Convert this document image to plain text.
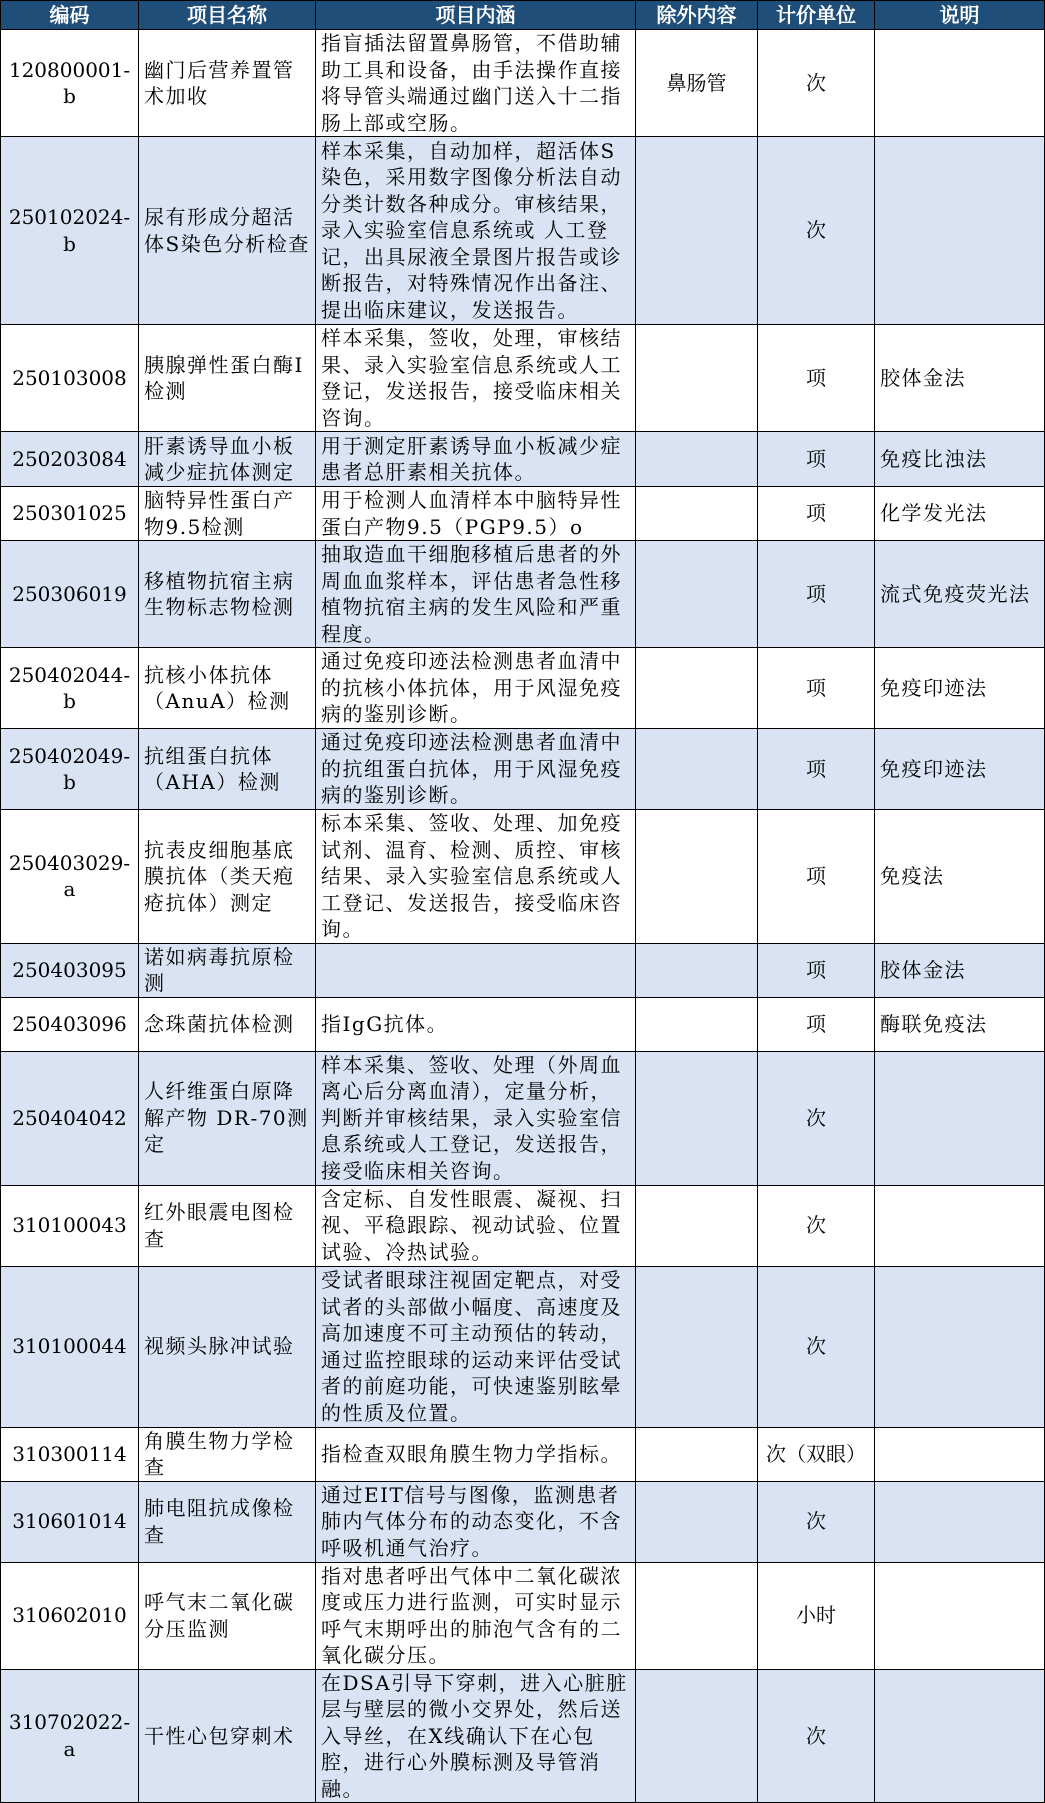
编码	项目名称	项目内涵	除外内容	计价单位	说明
120800001-b	幽门后营养置管术加收	指盲插法留置鼻肠管，不借助辅助工具和设备，由手法操作直接将导管头端通过幽门送入十二指肠上部或空肠。	鼻肠管	次	
250102024-b	尿有形成分超活体S染色分析检查	样本采集，自动加样，超活体S染色，采用数字图像分析法自动分类计数各种成分。审核结果，录入实验室信息系统或 人工登记，出具尿液全景图片报告或诊断报告，对特殊情况作出备注、提出临床建议，发送报告。		次	
250103008	胰腺弹性蛋白酶I检测	样本采集，签收，处理，审核结果、录入实验室信息系统或人工登记，发送报告，接受临床相关咨询。		项	胶体金法
250203084	肝素诱导血小板减少症抗体测定	用于测定肝素诱导血小板减少症患者总肝素相关抗体。		项	免疫比浊法
250301025	脑特异性蛋白产物9.5检测	用于检测人血清样本中脑特异性蛋白产物9.5（PGP9.5）o		项	化学发光法
250306019	移植物抗宿主病生物标志物检测	抽取造血干细胞移植后患者的外周血血浆样本，评估患者急性移植物抗宿主病的发生风险和严重程度。		项	流式免疫荧光法
250402044-b	抗核小体抗体（AnuA）检测	通过免疫印迹法检测患者血清中的抗核小体抗体，用于风湿免疫病的鉴别诊断。		项	免疫印迹法
250402049-b	抗组蛋白抗体（AHA）检测	通过免疫印迹法检测患者血清中的抗组蛋白抗体，用于风湿免疫病的鉴别诊断。		项	免疫印迹法
250403029-a	抗表皮细胞基底膜抗体（类天疱疮抗体）测定	标本采集、签收、处理、加免疫试剂、温育、检测、质控、审核结果、录入实验室信息系统或人工登记、发送报告，接受临床咨询。		项	免疫法
250403095	诺如病毒抗原检测			项	胶体金法
250403096	念珠菌抗体检测	指IgG抗体。		项	酶联免疫法
250404042	人纤维蛋白原降解产物 DR-70测定	样本采集、签收、处理（外周血离心后分离血清），定量分析，判断并审核结果，录入实验室信息系统或人工登记，发送报告，接受临床相关咨询。		次	
310100043	红外眼震电图检查	含定标、自发性眼震、凝视、扫视、平稳跟踪、视动试验、位置试验、冷热试验。		次	
310100044	视频头脉冲试验	受试者眼球注视固定靶点，对受试者的头部做小幅度、高速度及高加速度不可主动预估的转动，通过监控眼球的运动来评估受试者的前庭功能，可快速鉴别眩晕的性质及位置。		次	
310300114	角膜生物力学检查	指检查双眼角膜生物力学指标。		次（双眼）	
310601014	肺电阻抗成像检查	通过EIT信号与图像，监测患者肺内气体分布的动态变化，不含呼吸机通气治疗。		次	
310602010	呼气末二氧化碳分压监测	指对患者呼出气体中二氧化碳浓度或压力进行监测，可实时显示呼气末期呼出的肺泡气含有的二氧化碳分压。		小时	
310702022-a	干性心包穿刺术	在DSA引导下穿刺，进入心脏脏层与壁层的微小交界处，然后送入导丝，在X线确认下在心包腔，进行心外膜标测及导管消融。		次	
